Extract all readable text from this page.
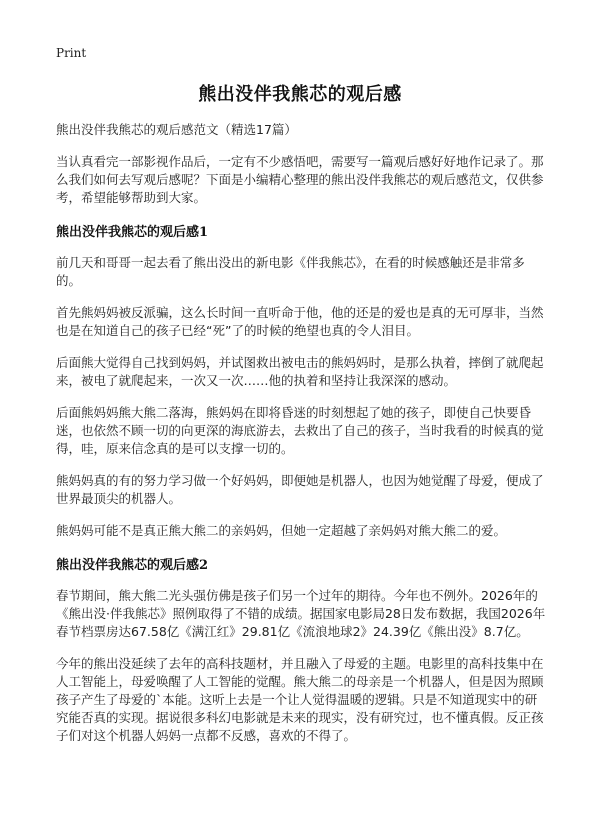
Print
熊出没伴我熊芯的观后感
熊出没伴我熊芯的观后感范文（精选17篇）

当认真看完一部影视作品后，一定有不少感悟吧，需要写一篇观后感好好地作记录了。那么我们如何去写观后感呢？下面是小编精心整理的熊出没伴我熊芯的观后感范文，仅供参考，希望能够帮助到大家。

熊出没伴我熊芯的观后感1

前几天和哥哥一起去看了熊出没出的新电影《伴我熊芯》，在看的时候感触还是非常多的。

首先熊妈妈被反派骗，这么长时间一直听命于他，他的还是的爱也是真的无可厚非，当然也是在知道自己的孩子已经“死”了的时候的绝望也真的令人泪目。

后面熊大觉得自己找到妈妈，并试图救出被电击的熊妈妈时，是那么执着，摔倒了就爬起来，被电了就爬起来，一次又一次……他的执着和坚持让我深深的感动。

后面熊妈妈熊大熊二落海，熊妈妈在即将昏迷的时刻想起了她的孩子，即使自己快要昏迷，也依然不顾一切的向更深的海底游去，去救出了自己的孩子，当时我看的时候真的觉得，哇，原来信念真的是可以支撑一切的。

熊妈妈真的有的努力学习做一个好妈妈，即便她是机器人，也因为她觉醒了母爱，便成了世界最顶尖的机器人。

熊妈妈可能不是真正熊大熊二的亲妈妈，但她一定超越了亲妈妈对熊大熊二的爱。

熊出没伴我熊芯的观后感2

春节期间，熊大熊二光头强仿佛是孩子们另一个过年的期待。今年也不例外。2026年的《熊出没·伴我熊芯》照例取得了不错的成绩。据国家电影局28日发布数据，我国2026年春节档票房达67.58亿《满江红》29.81亿《流浪地球2》24.39亿《熊出没》8.7亿。

今年的熊出没延续了去年的高科技题材，并且融入了母爱的主题。电影里的高科技集中在人工智能上，母爱唤醒了人工智能的觉醒。熊大熊二的母亲是一个机器人，但是因为照顾孩子产生了母爱的`本能。这听上去是一个让人觉得温暖的逻辑。只是不知道现实中的研究能否真的实现。据说很多科幻电影就是未来的现实，没有研究过，也不懂真假。反正孩子们对这个机器人妈妈一点都不反感，喜欢的不得了。
